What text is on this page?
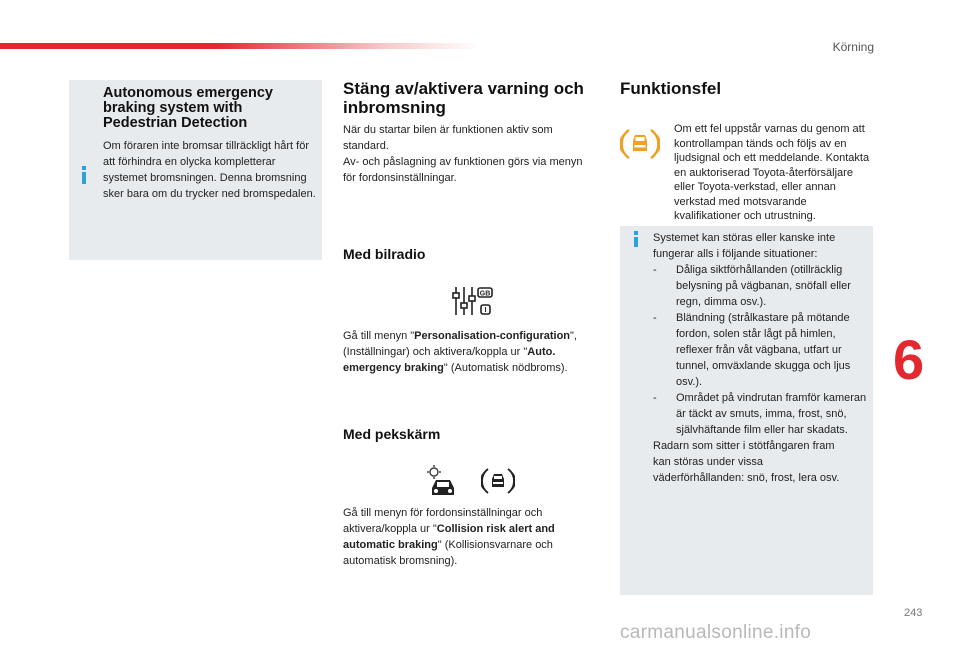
Körning
Autonomous emergency braking system with Pedestrian Detection
Om föraren inte bromsar tillräckligt hårt för att förhindra en olycka kompletterar systemet bromsningen. Denna bromsning sker bara om du trycker ned bromspedalen.
Stäng av/aktivera varning och inbromsning
När du startar bilen är funktionen aktiv som standard.
Av- och påslagning av funktionen görs via menyn för fordonsinställningar.
Med bilradio
GB
I
Gå till menyn "Personalisation-configuration", (Inställningar) och aktivera/koppla ur "Auto. emergency braking" (Automatisk nödbroms).
Med pekskärm
Gå till menyn för fordonsinställningar och aktivera/koppla ur "Collision risk alert and automatic braking" (Kollisionsvarnare och automatisk bromsning).
Funktionsfel
Om ett fel uppstår varnas du genom att kontrollampan tänds och följs av en ljudsignal och ett meddelande. Kontakta en auktoriserad Toyota-återförsäljare eller Toyota-verkstad, eller annan verkstad med motsvarande kvalifikationer och utrustning.
Systemet kan störas eller kanske inte fungerar alls i följande situationer:
- Dåliga siktförhållanden (otillräcklig belysning på vägbanan, snöfall eller regn, dimma osv.).
- Bländning (strålkastare på mötande fordon, solen står lågt på himlen, reflexer från våt vägbana, utfart ur tunnel, omväxlande skugga och ljus osv.).
- Området på vindrutan framför kameran är täckt av smuts, imma, frost, snö, självhäftande film eller har skadats.
Radarn som sitter i stötfångaren fram kan störas under vissa väderförhållanden: snö, frost, lera osv.
6
243
carmanualsonline.info
